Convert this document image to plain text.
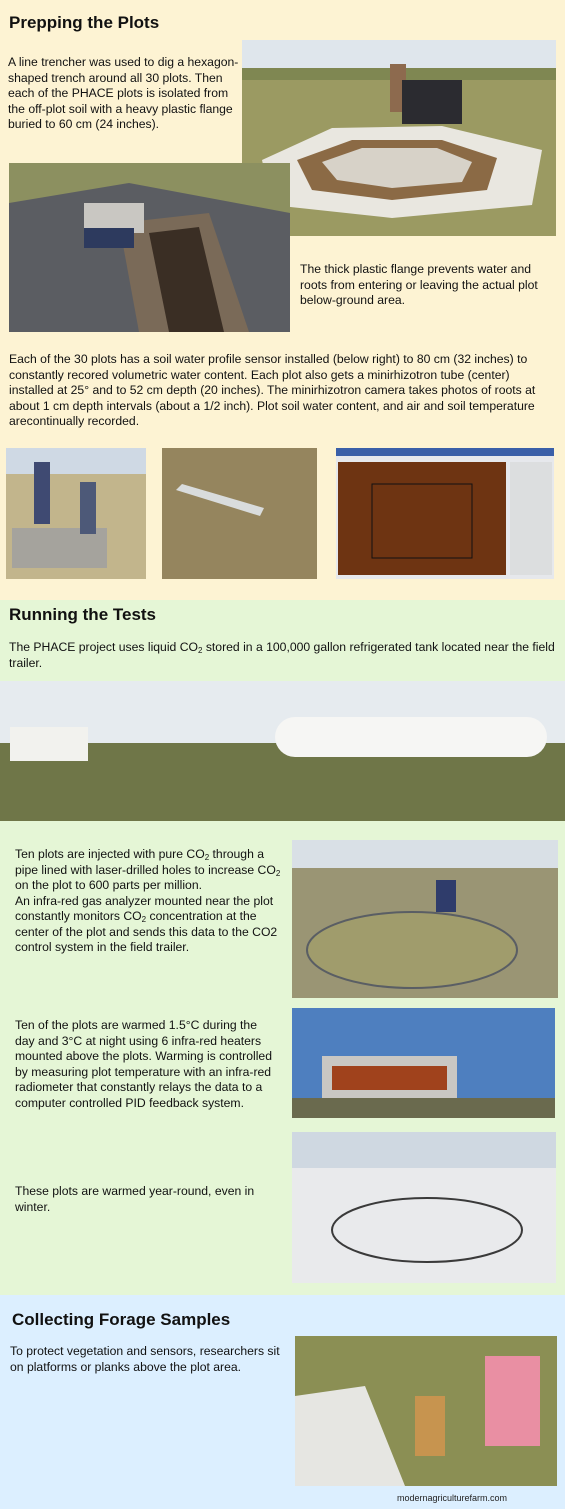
Prepping the Plots

A line trencher was used to dig a hexagon-shaped trench around all 30 plots. Then each of the PHACE plots is isolated from the off-plot soil with a heavy plastic flange buried to 60 cm (24 inches).

The thick plastic flange prevents water and roots from entering or leaving the actual plot below-ground area.

Each of the 30 plots has a soil water profile sensor installed (below right) to 80 cm (32 inches) to constantly recored volumetric water content. Each plot also gets a minirhizotron tube (center) installed at 25° and to 52 cm depth (20 inches). The minirhizotron camera takes photos of roots at about 1 cm depth intervals (about a 1/2 inch). Plot soil water content, and air and soil temperature arecontinually recorded.

Running the Tests

The PHACE project uses liquid $CO_2$ stored in a 100,000 gallon refrigerated tank located near the field trailer.

Ten plots are injected with pure $CO_2$ through a pipe lined with laser-drilled holes to increase $CO_2$ on the plot to 600 parts per million.
An infra-red gas analyzer mounted near the plot constantly monitors $CO_2$ concentration at the center of the plot and sends this data to the CO2 control system in the field trailer.

Ten of the plots are warmed 1.5°C during the day and 3°C at night using 6 infra-red heaters mounted above the plots. Warming is controlled by measuring plot temperature with an infra-red radiometer that constantly relays the data to a computer controlled PID feedback system.

These plots are warmed year-round, even in winter.

Collecting Forage Samples

To protect vegetation and sensors, researchers sit on platforms or planks above the plot area.

modernagriculturefarm.com
